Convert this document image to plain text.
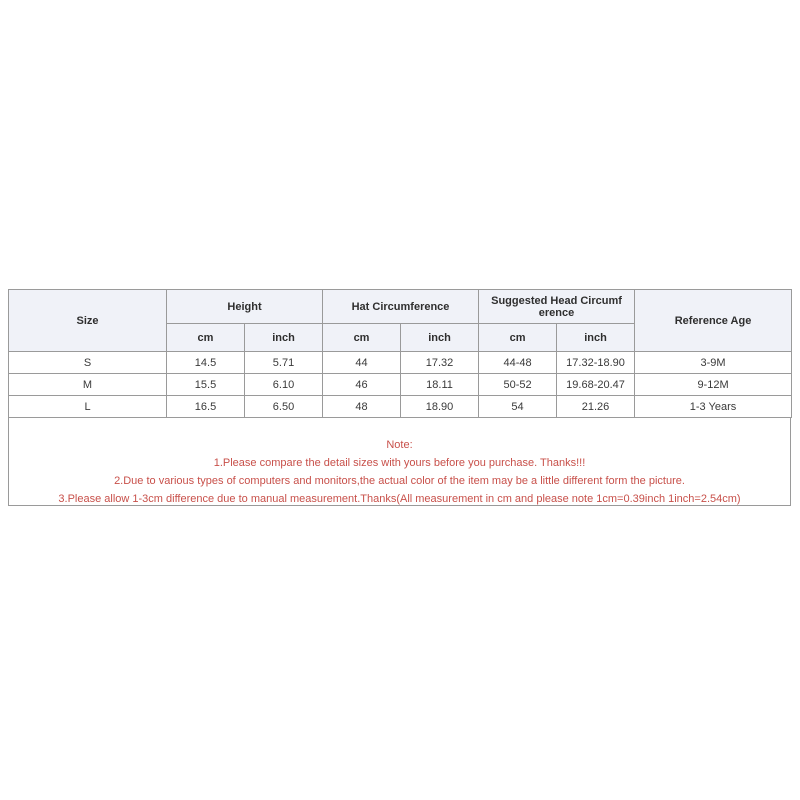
Size	Height		Hat Circumference		Suggested Head Circumf erence		Reference Age
	cm	inch	cm	inch	cm	inch	
S	14.5	5.71	44	17.32	44-48	17.32-18.90	3-9M
M	15.5	6.10	46	18.11	50-52	19.68-20.47	9-12M
L	16.5	6.50	48	18.90	54	21.26	1-3 Years
Note:
1.Please compare the detail sizes with yours before you purchase. Thanks!!!
2.Due to various types of computers and monitors,the actual color of the item may be a little different form the picture.
3.Please allow 1-3cm difference due to manual measurement.Thanks(All measurement in cm and please note 1cm=0.39inch 1inch=2.54cm)
